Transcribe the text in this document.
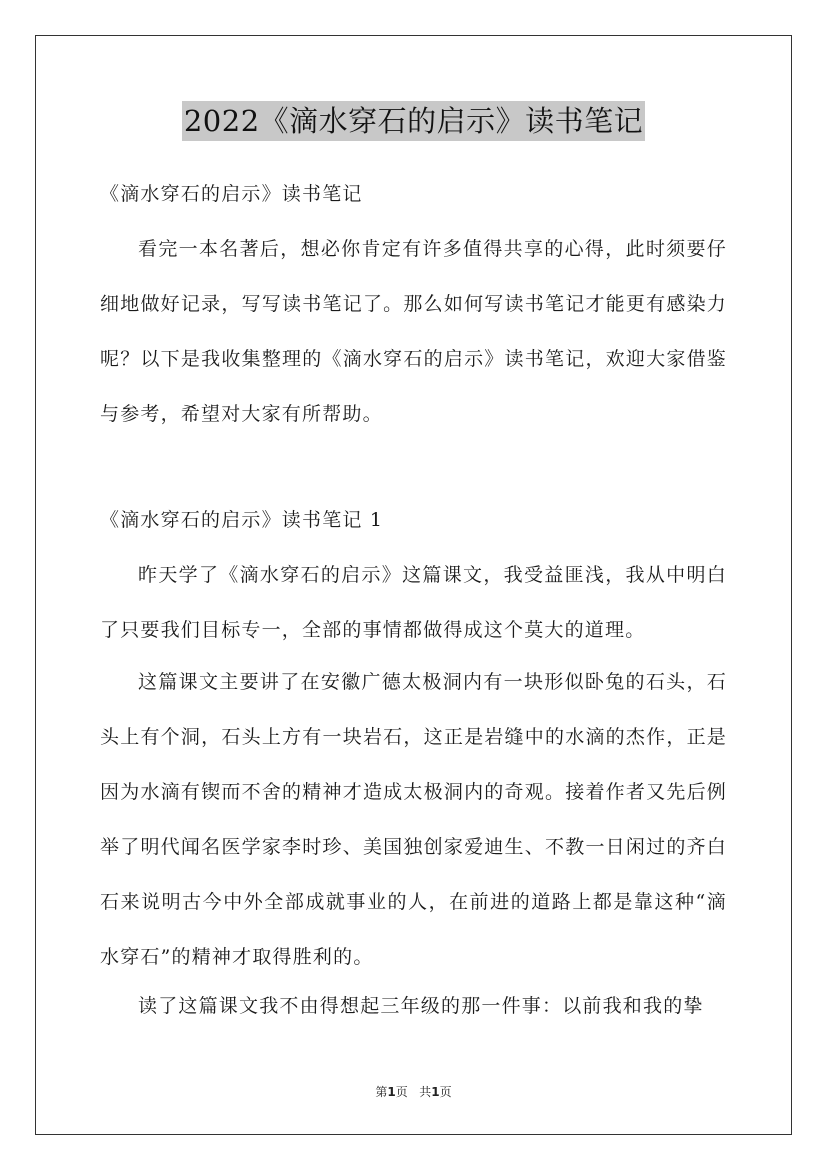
2022《滴水穿石的启示》读书笔记
《滴水穿石的启示》读书笔记
看完一本名著后，想必你肯定有许多值得共享的心得，此时须要仔细地做好记录，写写读书笔记了。那么如何写读书笔记才能更有感染力呢？以下是我收集整理的《滴水穿石的启示》读书笔记，欢迎大家借鉴与参考，希望对大家有所帮助。
《滴水穿石的启示》读书笔记 1
昨天学了《滴水穿石的启示》这篇课文，我受益匪浅，我从中明白了只要我们目标专一，全部的事情都做得成这个莫大的道理。
这篇课文主要讲了在安徽广德太极洞内有一块形似卧兔的石头，石头上有个洞，石头上方有一块岩石，这正是岩缝中的水滴的杰作，正是因为水滴有锲而不舍的精神才造成太极洞内的奇观。接着作者又先后例举了明代闻名医学家李时珍、美国独创家爱迪生、不教一日闲过的齐白石来说明古今中外全部成就事业的人，在前进的道路上都是靠这种“滴水穿石”的精神才取得胜利的。
读了这篇课文我不由得想起三年级的那一件事：以前我和我的挚
第1页 共1页
